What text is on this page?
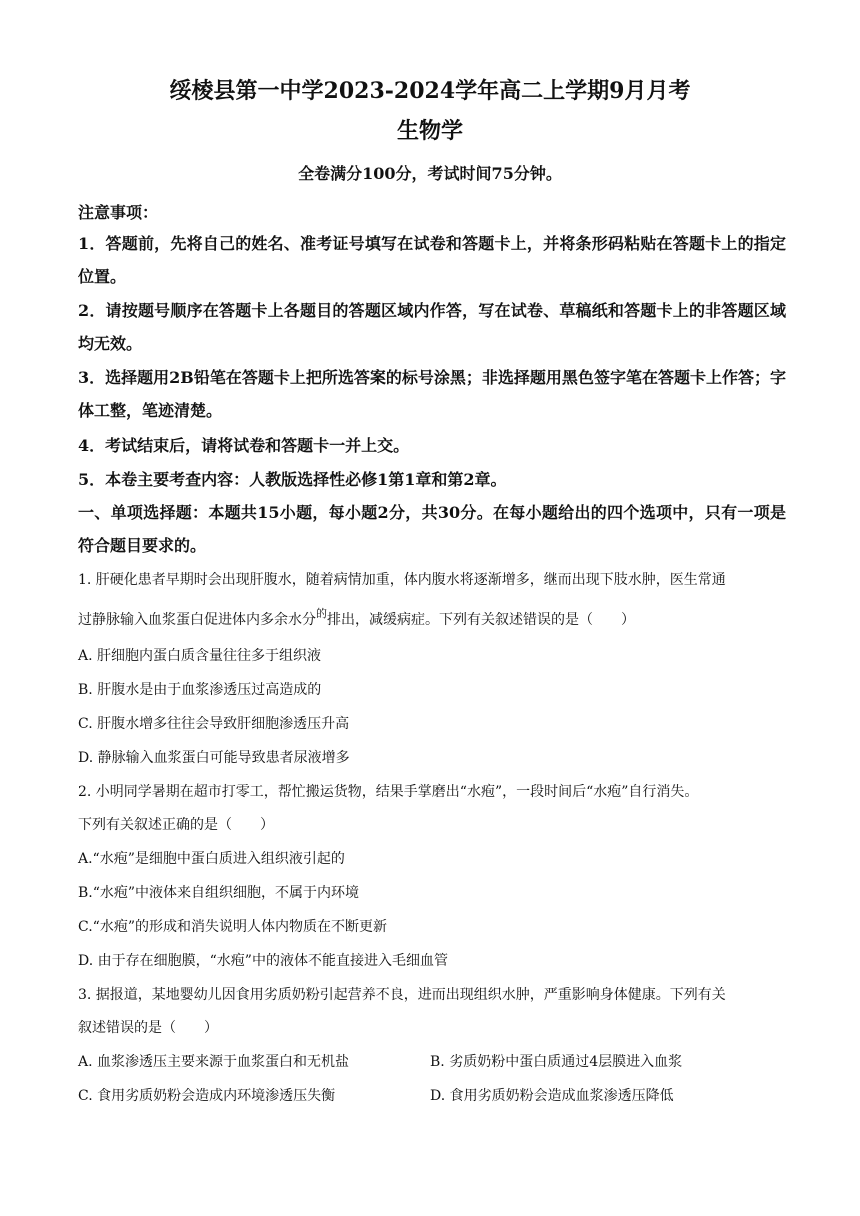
绥棱县第一中学2023-2024学年高二上学期9月月考
生物学
全卷满分100分，考试时间75分钟。
注意事项：
1．答题前，先将自己的姓名、准考证号填写在试卷和答题卡上，并将条形码粘贴在答题卡上的指定位置。
2．请按题号顺序在答题卡上各题目的答题区域内作答，写在试卷、草稿纸和答题卡上的非答题区域均无效。
3．选择题用2B铅笔在答题卡上把所选答案的标号涂黑；非选择题用黑色签字笔在答题卡上作答；字体工整，笔迹清楚。
4．考试结束后，请将试卷和答题卡一并上交。
5．本卷主要考查内容：人教版选择性必修1第1章和第2章。
一、单项选择题：本题共15小题，每小题2分，共30分。在每小题给出的四个选项中，只有一项是符合题目要求的。
1. 肝硬化患者早期时会出现肝腹水，随着病情加重，体内腹水将逐渐增多，继而出现下肢水肿，医生常通
过静脉输入血浆蛋白促进体内多余水分$^的$排出，减缓病症。下列有关叙述错误的是（　　）
A. 肝细胞内蛋白质含量往往多于组织液
B. 肝腹水是由于血浆渗透压过高造成的
C. 肝腹水增多往往会导致肝细胞渗透压升高
D. 静脉输入血浆蛋白可能导致患者尿液增多
2. 小明同学暑期在超市打零工，帮忙搬运货物，结果手掌磨出“水疱”，一段时间后“水疱”自行消失。
下列有关叙述正确的是（　　）
A.“水疱”是细胞中蛋白质进入组织液引起的
B.“水疱”中液体来自组织细胞，不属于内环境
C.“水疱”的形成和消失说明人体内物质在不断更新
D. 由于存在细胞膜，“水疱”中的液体不能直接进入毛细血管
3. 据报道，某地婴幼儿因食用劣质奶粉引起营养不良，进而出现组织水肿，严重影响身体健康。下列有关
叙述错误的是（　　）
A. 血浆渗透压主要来源于血浆蛋白和无机盐	B. 劣质奶粉中蛋白质通过4层膜进入血浆
C. 食用劣质奶粉会造成内环境渗透压失衡	D. 食用劣质奶粉会造成血浆渗透压降低
